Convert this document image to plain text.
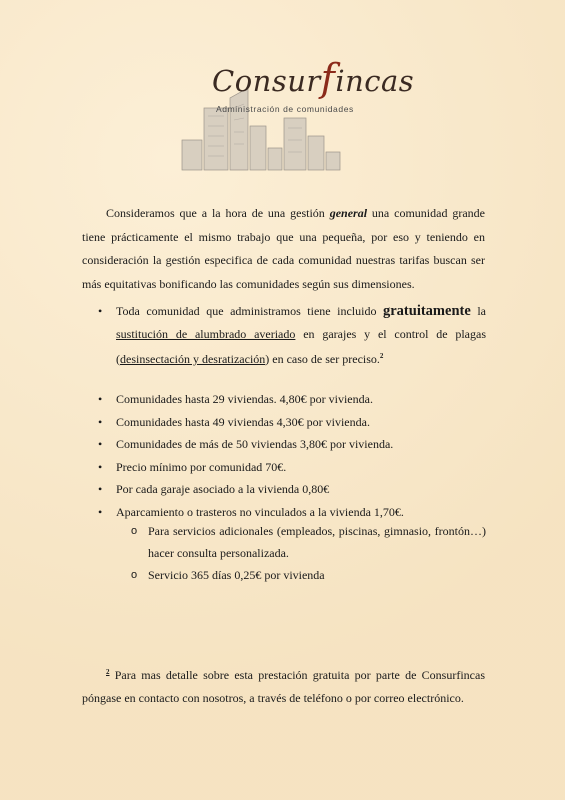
Consurfincas
Administración de comunidades

Consideramos que a la hora de una gestión general una comunidad grande tiene prácticamente el mismo trabajo que una pequeña, por eso y teniendo en consideración la gestión especifica de cada comunidad nuestras tarifas buscan ser más equitativas bonificando las comunidades según sus dimensiones.

• Toda comunidad que administramos tiene incluido gratuitamente la sustitución de alumbrado averiado en garajes y el control de plagas (desinsectación y desratización) en caso de ser preciso.$^2$
• Comunidades hasta 29 viviendas. 4,80€ por vivienda.
• Comunidades hasta 49 viviendas 4,30€ por vivienda.
• Comunidades de más de 50 viviendas 3,80€ por vivienda.
• Precio mínimo por comunidad 70€.
• Por cada garaje asociado a la vivienda 0,80€
• Aparcamiento o trasteros no vinculados a la vivienda 1,70€.
o Para servicios adicionales (empleados, piscinas, gimnasio, frontón…) hacer consulta personalizada.
o Servicio 365 días 0,25€ por vivienda

$^2$ Para mas detalle sobre esta prestación gratuita por parte de Consurfincas póngase en contacto con nosotros, a través de teléfono o por correo electrónico.
